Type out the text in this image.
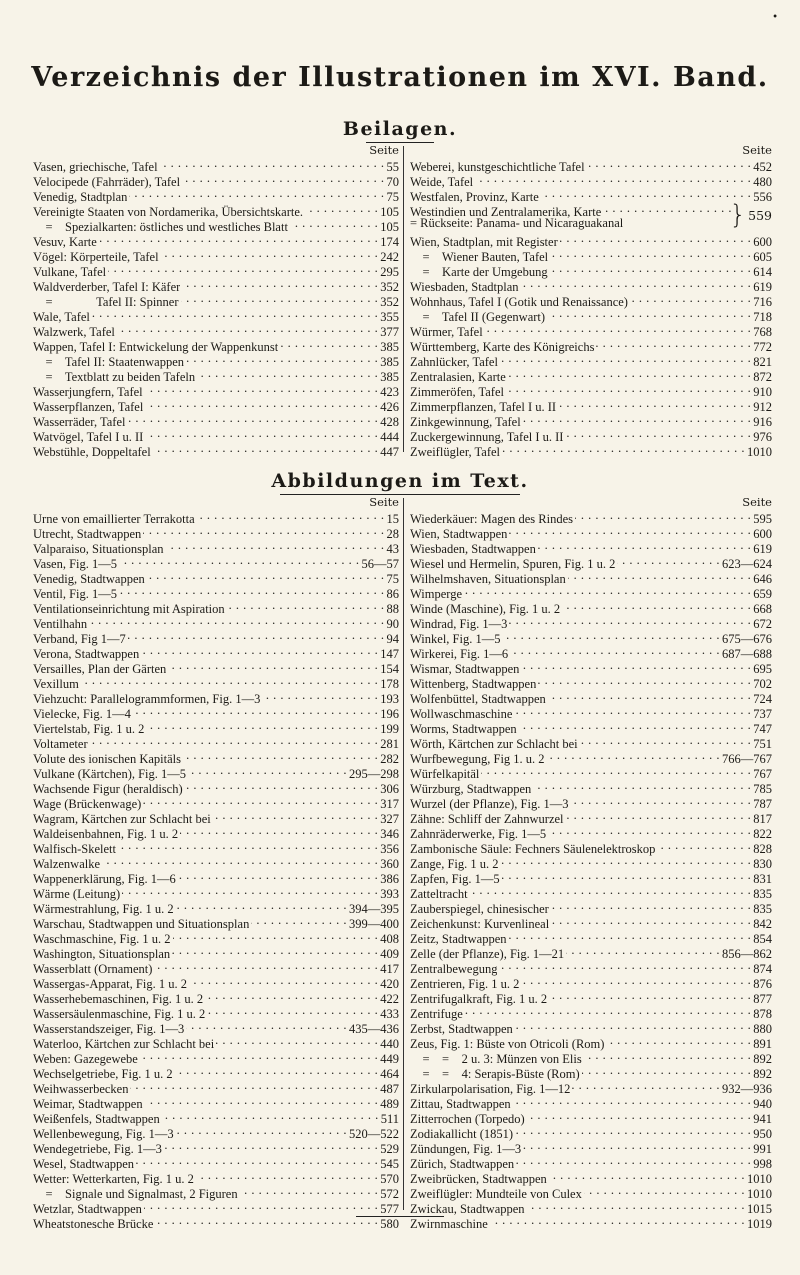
•
Verzeichnis der Illustrationen im XVI. Band.
Beilagen.
Seite
Vasen, griechische, Tafel . . .	55
Velocipede (Fahrräder), Tafel . . .	70
Venedig, Stadtplan . . .	75
Vereinigte Staaten von Nordamerika, Übersichtskarte. . . .	105
=    Spezialkarten: östliches und westliches Blatt . . .	105
Vesuv, Karte . . .	174
Vögel: Körperteile, Tafel . . .	242
Vulkane, Tafel . . .	295
Waldverderber, Tafel I: Käfer . . .	352
=              Tafel II: Spinner . . .	352
Wale, Tafel . . .	355
Walzwerk, Tafel . . .	377
Wappen, Tafel I: Entwickelung der Wappenkunst . . .	385
=    Tafel II: Staatenwappen . . .	385
=    Textblatt zu beiden Tafeln . . .	385
Wasserjungfern, Tafel . . .	423
Wasserpflanzen, Tafel . . .	426
Wasserräder, Tafel . . .	428
Watvögel, Tafel I u. II . . .	444
Webstühle, Doppeltafel . . .	447
Seite
Weberei, kunstgeschichtliche Tafel . . .	452
Weide, Tafel . . .	480
Westfalen, Provinz, Karte . . .	556
Westindien und Zentralamerika, Karte
. . .
= Rückseite: Panama- und Nicaraguakanal	} 559
Wien, Stadtplan, mit Register . . .	600
=    Wiener Bauten, Tafel . . .	605
=    Karte der Umgebung . . .	614
Wiesbaden, Stadtplan . . .	619
Wohnhaus, Tafel I (Gotik und Renaissance) . . .	716
=    Tafel II (Gegenwart) . . .	718
Würmer, Tafel . . .	768
Württemberg, Karte des Königreichs . . .	772
Zahnlücker, Tafel . . .	821
Zentralasien, Karte . . .	872
Zimmeröfen, Tafel . . .	910
Zimmerpflanzen, Tafel I u. II . . .	912
Zinkgewinnung, Tafel . . .	916
Zuckergewinnung, Tafel I u. II . . .	976
Zweiflügler, Tafel . . .	1010
Abbildungen im Text.
Seite
Urne von emaillierter Terrakotta . . .	15
Utrecht, Stadtwappen . . .	28
Valparaiso, Situationsplan . . .	43
Vasen, Fig. 1—5 . . .	56—57
Venedig, Stadtwappen . . .	75
Ventil, Fig. 1—5 . . .	86
Ventilationseinrichtung mit Aspiration . . .	88
Ventilhahn . . .	90
Verband, Fig 1—7 . . .	94
Verona, Stadtwappen . . .	147
Versailles, Plan der Gärten . . .	154
Vexillum . . .	178
Viehzucht: Parallelogrammformen, Fig. 1—3 . . .	193
Vielecke, Fig. 1—4 . . .	196
Viertelstab, Fig. 1 u. 2 . . .	199
Voltameter . . .	281
Volute des ionischen Kapitäls . . .	282
Vulkane (Kärtchen), Fig. 1—5 . . .	295—298
Wachsende Figur (heraldisch) . . .	306
Wage (Brückenwage) . . .	317
Wagram, Kärtchen zur Schlacht bei . . .	327
Waldeisenbahnen, Fig. 1 u. 2 . . .	346
Walfisch-Skelett . . .	356
Walzenwalke . . .	360
Wappenerklärung, Fig. 1—6 . . .	386
Wärme (Leitung) . . .	393
Wärmestrahlung, Fig. 1 u. 2 . . .	394—395
Warschau, Stadtwappen und Situationsplan . . .	399—400
Waschmaschine, Fig. 1 u. 2 . . .	408
Washington, Situationsplan . . .	409
Wasserblatt (Ornament) . . .	417
Wassergas-Apparat, Fig. 1 u. 2 . . .	420
Wasserhebemaschinen, Fig. 1 u. 2 . . .	422
Wassersäulenmaschine, Fig. 1 u. 2 . . .	433
Wasserstandszeiger, Fig. 1—3 . . .	435—436
Waterloo, Kärtchen zur Schlacht bei . . .	440
Weben: Gazegewebe . . .	449
Wechselgetriebe, Fig. 1 u. 2 . . .	464
Weihwasserbecken . . .	487
Weimar, Stadtwappen . . .	489
Weißenfels, Stadtwappen . . .	511
Wellenbewegung, Fig. 1—3 . . .	520—522
Wendegetriebe, Fig. 1—3 . . .	529
Wesel, Stadtwappen . . .	545
Wetter: Wetterkarten, Fig. 1 u. 2 . . .	570
=    Signale und Signalmast, 2 Figuren . . .	572
Wetzlar, Stadtwappen . . .	577
Wheatstonesche Brücke . . .	580
Seite
Wiederkäuer: Magen des Rindes . . .	595
Wien, Stadtwappen . . .	600
Wiesbaden, Stadtwappen . . .	619
Wiesel und Hermelin, Spuren, Fig. 1 u. 2 . . .	623—624
Wilhelmshaven, Situationsplan . . .	646
Wimperge . . .	659
Winde (Maschine), Fig. 1 u. 2 . . .	668
Windrad, Fig. 1—3 . . .	672
Winkel, Fig. 1—5 . . .	675—676
Wirkerei, Fig. 1—6 . . .	687—688
Wismar, Stadtwappen . . .	695
Wittenberg, Stadtwappen . . .	702
Wolfenbüttel, Stadtwappen . . .	724
Wollwaschmaschine . . .	737
Worms, Stadtwappen . . .	747
Wörth, Kärtchen zur Schlacht bei . . .	751
Wurfbewegung, Fig 1. u. 2 . . .	766—767
Würfelkapitäl . . .	767
Würzburg, Stadtwappen . . .	785
Wurzel (der Pflanze), Fig. 1—3 . . .	787
Zähne: Schliff der Zahnwurzel . . .	817
Zahnräderwerke, Fig. 1—5 . . .	822
Zambonische Säule: Fechners Säulenelektroskop . . .	828
Zange, Fig. 1 u. 2 . . .	830
Zapfen, Fig. 1—5 . . .	831
Zatteltracht . . .	835
Zauberspiegel, chinesischer . . .	835
Zeichenkunst: Kurvenlineal . . .	842
Zeitz, Stadtwappen . . .	854
Zelle (der Pflanze), Fig. 1—21 . . .	856—862
Zentralbewegung . . .	874
Zentrieren, Fig. 1 u. 2 . . .	876
Zentrifugalkraft, Fig. 1 u. 2 . . .	877
Zentrifuge . . .	878
Zerbst, Stadtwappen . . .	880
Zeus, Fig. 1: Büste von Otricoli (Rom) . . .	891
=    =    2 u. 3: Münzen von Elis . . .	892
=    =    4: Serapis-Büste (Rom) . . .	892
Zirkularpolarisation, Fig. 1—12 . . .	932—936
Zittau, Stadtwappen . . .	940
Zitterrochen (Torpedo) . . .	941
Zodiakallicht (1851) . . .	950
Zündungen, Fig. 1—3 . . .	991
Zürich, Stadtwappen . . .	998
Zweibrücken, Stadtwappen . . .	1010
Zweiflügler: Mundteile von Culex . . .	1010
Zwickau, Stadtwappen . . .	1015
Zwirnmaschine . . .	1019
